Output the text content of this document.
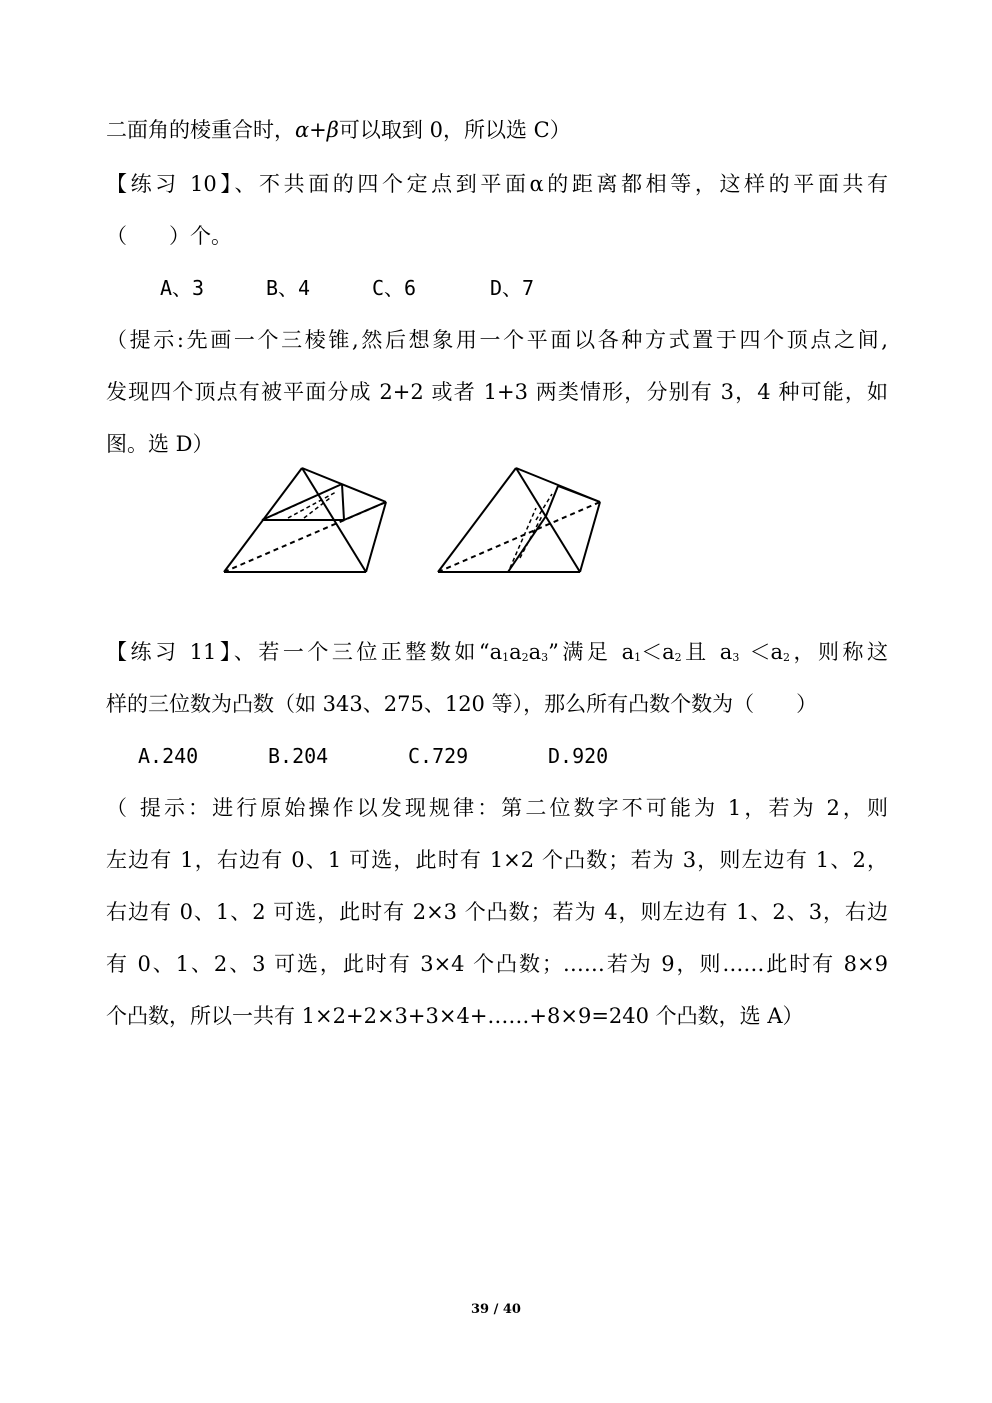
二面角的棱重合时，α+β可以取到 0，所以选 C）
【练习 10】、不共面的四个定点到平面α的距离都相等，这样的平面共有
（　　）个。
A、3	B、4	C、6	D、7
（提示:先画一个三棱锥,然后想象用一个平面以各种方式置于四个顶点之间,
发现四个顶点有被平面分成 2+2 或者 1+3 两类情形，分别有 3，4 种可能，如
图。选 D）
【练习 11】、若一个三位正整数如“$a_1a_2a_3$”满足 $a_1<a_2$且 $a_3 <a_2$，则称这
样的三位数为凸数（如 343、275、120 等），那么所有凸数个数为（　　）
A.240	B.204	C.729	D.920
（ 提示：进行原始操作以发现规律：第二位数字不可能为 1，若为 2，则
左边有 1，右边有 0、1 可选，此时有 1×2 个凸数；若为 3，则左边有 1、2，
右边有 0、1、2 可选，此时有 2×3 个凸数；若为 4，则左边有 1、2、3，右边
有 0、1、2、3 可选，此时有 3×4 个凸数；……若为 9，则……此时有 8×9
个凸数，所以一共有 1×2+2×3+3×4+……+8×9=240 个凸数，选 A）
39 / 40
